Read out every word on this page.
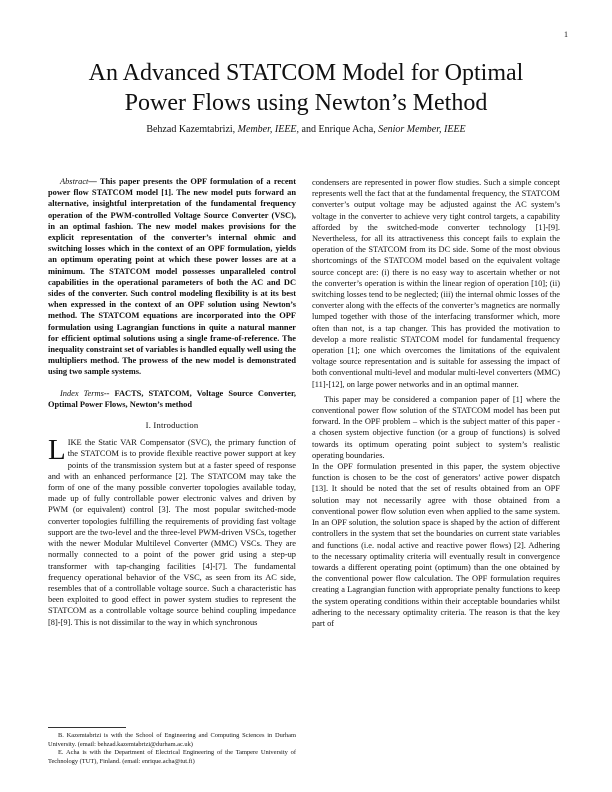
1
An Advanced STATCOM Model for Optimal
Power Flows using Newton’s Method
Behzad Kazemtabrizi, Member, IEEE, and Enrique Acha, Senior Member, IEEE

Abstract— This paper presents the OPF formulation of a recent power flow STATCOM model [1]. The new model puts forward an alternative, insightful interpretation of the fundamental frequency operation of the PWM-controlled Voltage Source Converter (VSC), in an optimal fashion. The new model makes provisions for the explicit representation of the converter’s internal ohmic and switching losses which in the context of an OPF formulation, yields an optimum operating point at which these power losses are at a minimum. The STATCOM model possesses unparalleled control capabilities in the operational parameters of both the AC and DC sides of the converter. Such control modeling flexibility is at its best when expressed in the context of an OPF solution using Newton’s method. The STATCOM equations are incorporated into the OPF formulation using Lagrangian functions in quite a natural manner for efficient optimal solutions using a single frame-of-reference. The inequality constraint set of variables is handled equally well using the multipliers method. The prowess of the new model is demonstrated using two sample systems.

Index Terms-- FACTS, STATCOM, Voltage Source Converter, Optimal Power Flows, Newton’s method

I. Introduction

LIKE the Static VAR Compensator (SVC), the primary function of the STATCOM is to provide flexible reactive power support at key points of the transmission system but at a faster speed of response and with an enhanced performance [2]. The STATCOM may take the form of one of the many possible converter topologies available today, made up of fully controllable power electronic valves and driven by PWM (or equivalent) control [3]. The most popular switched-mode converter topologies fulfilling the requirements of providing fast voltage support are the two-level and the three-level PWM-driven VSCs, together with the newer Modular Multilevel Converter (MMC) VSCs. They are normally connected to a point of the power grid using a step-up transformer with tap-changing facilities [4]-[7]. The fundamental frequency operational behavior of the VSC, as seen from its AC side, resembles that of a controllable voltage source. Such a characteristic has been exploited to good effect in power system studies to represent the STATCOM as a controllable voltage source behind coupling impedance [8]-[9]. This is not dissimilar to the way in which synchronous

B. Kazemtabrizi is with the School of Engineering and Computing Sciences in Durham University. (email: behzad.kazemtabrizi@durham.ac.uk)

E. Acha is with the Department of Electrical Engineering of the Tampere University of Technology (TUT), Finland. (email: enrique.acha@tut.fi)

condensers are represented in power flow studies. Such a simple concept represents well the fact that at the fundamental frequency, the STATCOM converter’s output voltage may be adjusted against the AC system’s voltage in the converter to achieve very tight control targets, a capability afforded by the switched-mode converter technology [1]-[9]. Nevertheless, for all its attractiveness this concept fails to explain the operation of the STATCOM from its DC side. Some of the most obvious shortcomings of the STATCOM model based on the equivalent voltage source concept are: (i) there is no easy way to ascertain whether or not the converter’s operation is within the linear region of operation [10]; (ii) switching losses tend to be neglected; (iii) the internal ohmic losses of the converter along with the effects of the converter’s magnetics are normally lumped together with those of the interfacing transformer which, more often than not, is a tap changer. This has provided the motivation to develop a more realistic STATCOM model for fundamental frequency operation [1]; one which overcomes the limitations of the equivalent voltage source representation and is suitable for assessing the impact of both conventional multi-level and modular multi-level converters (MMC) [11]-[12], on large power networks and in an optimal manner.

This paper may be considered a companion paper of [1] where the conventional power flow solution of the STATCOM model has been put forward. In the OPF problem – which is the subject matter of this paper - a chosen system objective function (or a group of functions) is solved towards its optimum operating point subject to system’s realistic operating boundaries.

In the OPF formulation presented in this paper, the system objective function is chosen to be the cost of generators’ active power dispatch [13]. It should be noted that the set of results obtained from an OPF solution may not necessarily agree with those obtained from a conventional power flow solution even when applied to the same system. In an OPF solution, the solution space is shaped by the action of different controllers in the system that set the boundaries on current state variables and functions (i.e. nodal active and reactive power flows) [2]. Adhering to the necessary optimality criteria will eventually result in convergence towards a different operating point (optimum) than the one obtained by the conventional power flow calculation. The OPF formulation requires creating a Lagrangian function with appropriate penalty functions to keep the system operating conditions within their acceptable boundaries whilst adhering to the necessary optimality criteria. The reason is that the key part of
